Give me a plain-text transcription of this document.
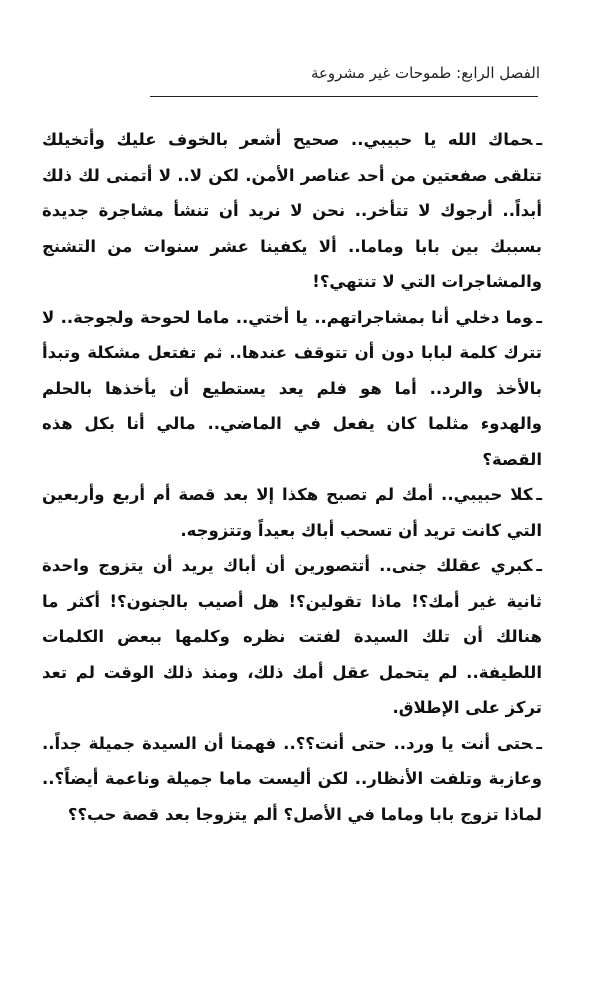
الفصل الرابع: طموحات غير مشروعة

ـحماك الله يا حبيبي.. صحيح أشعر بالخوف عليك وأتخيلك تتلقى صفعتين من أحد عناصر الأمن. لكن لا.. لا أتمنى لك ذلك أبداً.. أرجوك لا تتأخر.. نحن لا نريد أن تنشأ مشاجرة جديدة بسببك بين بابا وماما.. ألا يكفينا عشر سنوات من التشنج والمشاجرات التي لا تنتهي؟!

ـوما دخلي أنا بمشاجراتهم.. يا أختي.. ماما لحوحة ولجوجة.. لا تترك كلمة لبابا دون أن تتوقف عندها.. ثم تفتعل مشكلة وتبدأ بالأخذ والرد.. أما هو فلم يعد يستطيع أن يأخذها بالحلم والهدوء مثلما كان يفعل في الماضي.. مالي أنا بكل هذه القصة؟

ـكلا حبيبي.. أمك لم تصبح هكذا إلا بعد قصة أم أربع وأربعين التي كانت تريد أن تسحب أباك بعيداً وتتزوجه.

ـكبري عقلك جنى.. أتتصورين أن أباك يريد أن يتزوج واحدة ثانية غير أمك؟! ماذا تقولين؟! هل أصيب بالجنون؟! أكثر ما هنالك أن تلك السيدة لفتت نظره وكلمها ببعض الكلمات اللطيفة.. لم يتحمل عقل أمك ذلك، ومنذ ذلك الوقت لم تعد تركز على الإطلاق.

ـحتى أنت يا ورد.. حتى أنت؟؟.. فهمنا أن السيدة جميلة جداً.. وعازبة وتلفت الأنظار.. لكن أليست ماما جميلة وناعمة أيضاً؟.. لماذا تزوج بابا وماما في الأصل؟ ألم يتزوجا بعد قصة حب؟؟
